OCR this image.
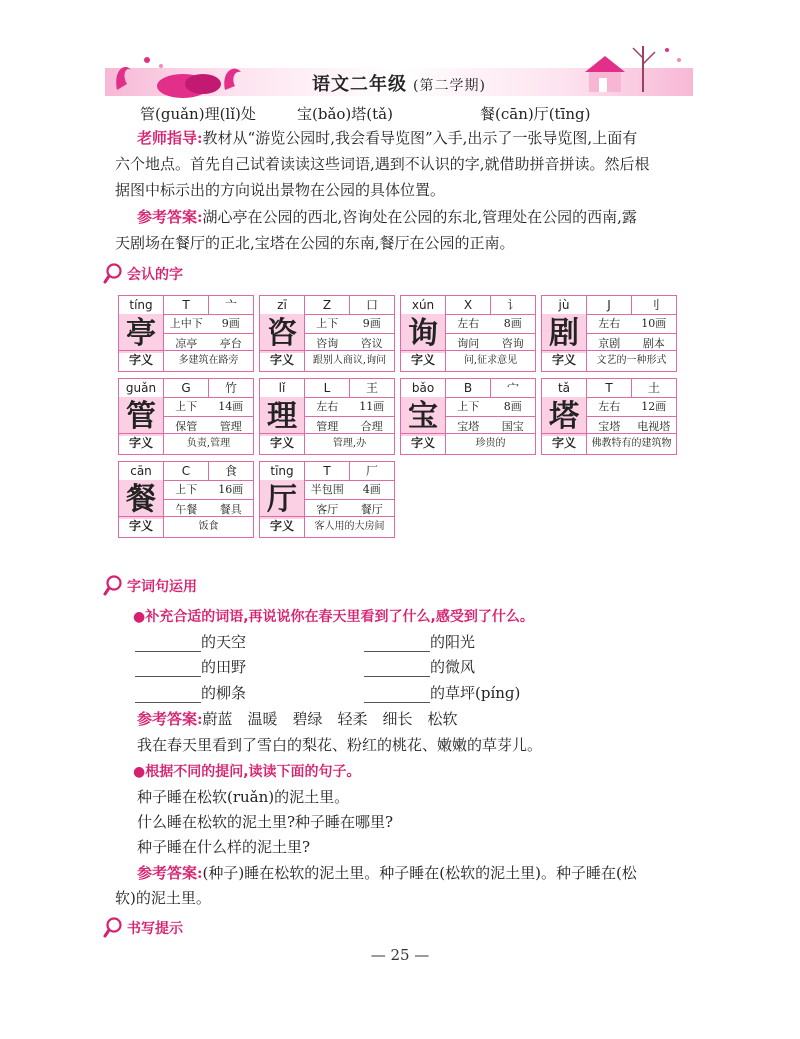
语文二年级 (第二学期)
管(guǎn)理(lǐ)处	宝(bǎo)塔(tǎ)	餐(cān)厅(tīng)
老师指导:教材从“游览公园时,我会看导览图”入手,出示了一张导览图,上面有
六个地点。首先自己试着读读这些词语,遇到不认识的字,就借助拼音拼读。然后根
据图中标示出的方向说出景物在公园的具体位置。
参考答案:湖心亭在公园的西北,咨询处在公园的东北,管理处在公园的西南,露
天剧场在餐厅的正北,宝塔在公园的东南,餐厅在公园的正南。
会认的字
tíng	T	亠
亭	上中下	9画
凉亭	亭台
字义	多建筑在路旁
zī	Z	口
咨	上下	9画
咨询	咨议
字义	跟别人商议,询问
xún	X	讠
询	左右	8画
询问	咨询
字义	问,征求意见
jù	J	刂
剧	左右	10画
京剧	剧本
字义	文艺的一种形式
guǎn	G	竹
管	上下	14画
保管	管理
字义	负责,管理
lǐ	L	王
理	左右	11画
管理	合理
字义	管理,办
bǎo	B	宀
宝	上下	8画
宝塔	国宝
字义	珍贵的
tǎ	T	土
塔	左右	12画
宝塔	电视塔
字义	佛教特有的建筑物
cān	C	食
餐	上下	16画
午餐	餐具
字义	饭食
tīng	T	厂
厅	半包围	4画
客厅	餐厅
字义	客人用的大房间
字词句运用
●补充合适的词语,再说说你在春天里看到了什么,感受到了什么。
的天空	的阳光
的田野	的微风
的柳条	的草坪(pínɡ)
参考答案:蔚蓝　温暖　碧绿　轻柔　细长　松软
我在春天里看到了雪白的梨花、粉红的桃花、嫩嫩的草芽儿。
●根据不同的提问,读读下面的句子。
种子睡在松软(ruǎn)的泥土里。
什么睡在松软的泥土里?种子睡在哪里?
种子睡在什么样的泥土里?
参考答案:(种子)睡在松软的泥土里。种子睡在(松软的泥土里)。种子睡在(松
软)的泥土里。
书写提示
— 25 —
